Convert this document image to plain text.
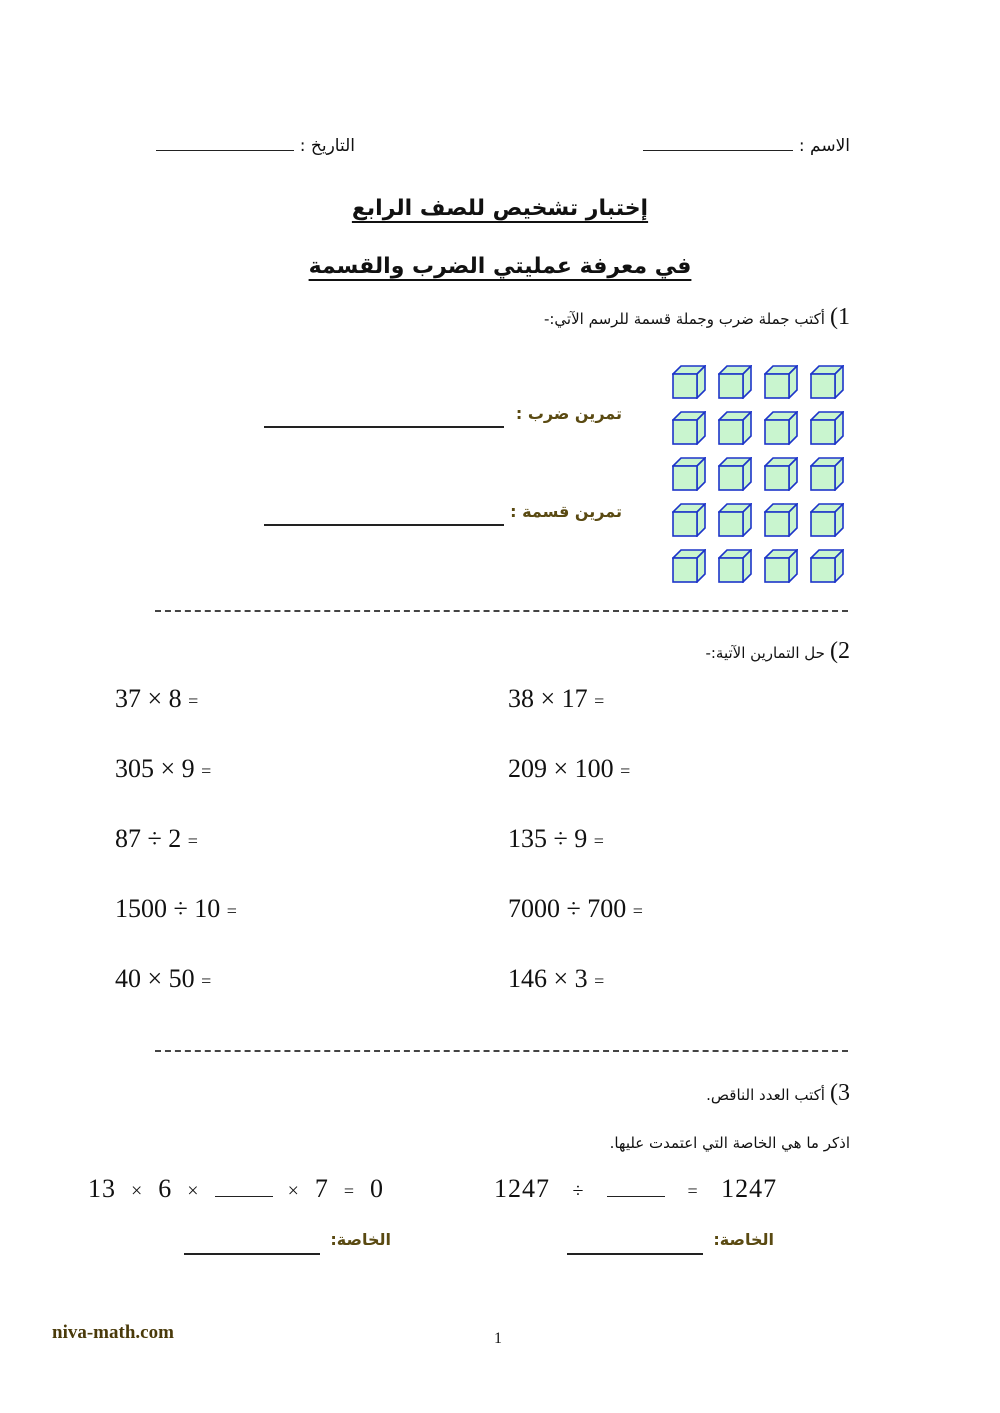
الاسم :
التاريخ :
إختبار تشخيص للصف الرابع
في معرفة عمليتي الضرب والقسمة
1) أكتب جملة ضرب وجملة قسمة للرسم الآتي:-
تمرين ضرب :
تمرين قسمة :
2) حل التمارين الآتية:-
38 × 17 =
209 × 100 =
135 ÷ 9 =
7000 ÷ 700 =
146 × 3 =
37 × 8 =
305 × 9 =
87 ÷ 2 =
1500 ÷ 10 =
40 × 50 =
3) أكتب العدد الناقص.
اذكر ما هي الخاصة التي اعتمدت عليها.
1247 ÷	= 1247
13 × 6 ×	× 7 = 0
الخاصة:
الخاصة:
niva-math.com	1
